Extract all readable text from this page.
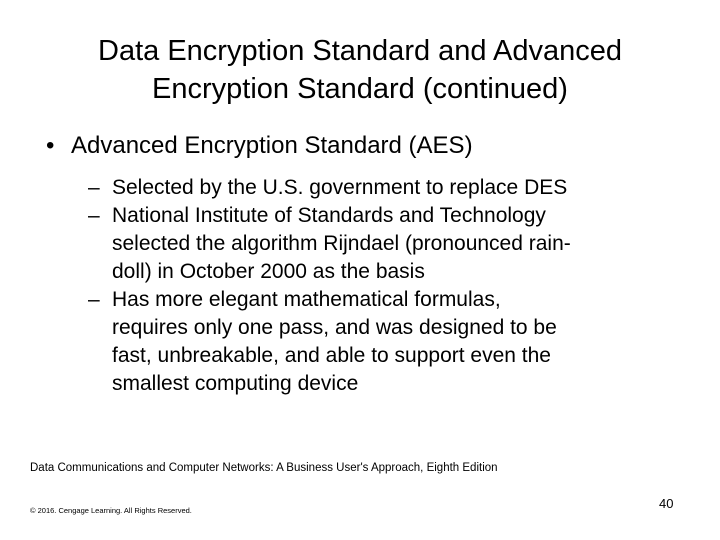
Data Encryption Standard and Advanced
Encryption Standard (continued)
• Advanced Encryption Standard (AES)
– Selected by the U.S. government to replace DES
– National Institute of Standards and Technology
selected the algorithm Rijndael (pronounced rain-
doll) in October 2000 as the basis
– Has more elegant mathematical formulas,
requires only one pass, and was designed to be
fast, unbreakable, and able to support even the
smallest computing device
Data Communications and Computer Networks: A Business User's Approach, Eighth Edition
© 2016. Cengage Learning. All Rights Reserved.	40
